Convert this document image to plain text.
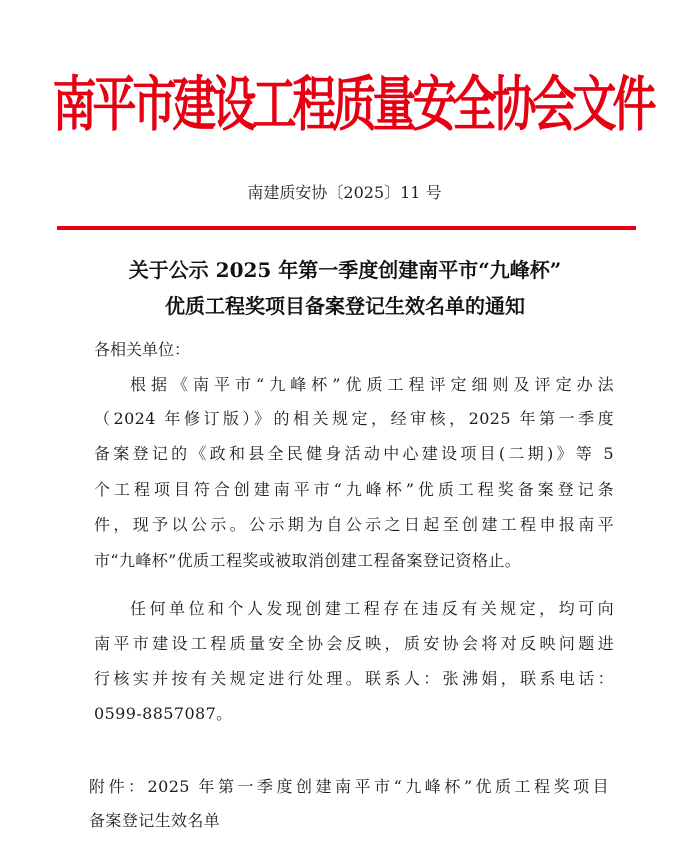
南平市建设工程质量安全协会文件
南建质安协〔2025〕11 号
关于公示 2025 年第一季度创建南平市“九峰杯”
优质工程奖项目备案登记生效名单的通知
各相关单位：
根据《南平市“九峰杯”优质工程评定细则及评定办法
（2024 年修订版）》的相关规定，经审核，2025 年第一季度
备案登记的《政和县全民健身活动中心建设项目(二期)》等 5
个工程项目符合创建南平市“九峰杯”优质工程奖备案登记条
件，现予以公示。公示期为自公示之日起至创建工程申报南平
市“九峰杯”优质工程奖或被取消创建工程备案登记资格止。
任何单位和个人发现创建工程存在违反有关规定，均可向
南平市建设工程质量安全协会反映，质安协会将对反映问题进
行核实并按有关规定进行处理。联系人：张沸娟，联系电话：
0599-8857087。
附件：2025 年第一季度创建南平市“九峰杯”优质工程奖项目
备案登记生效名单
